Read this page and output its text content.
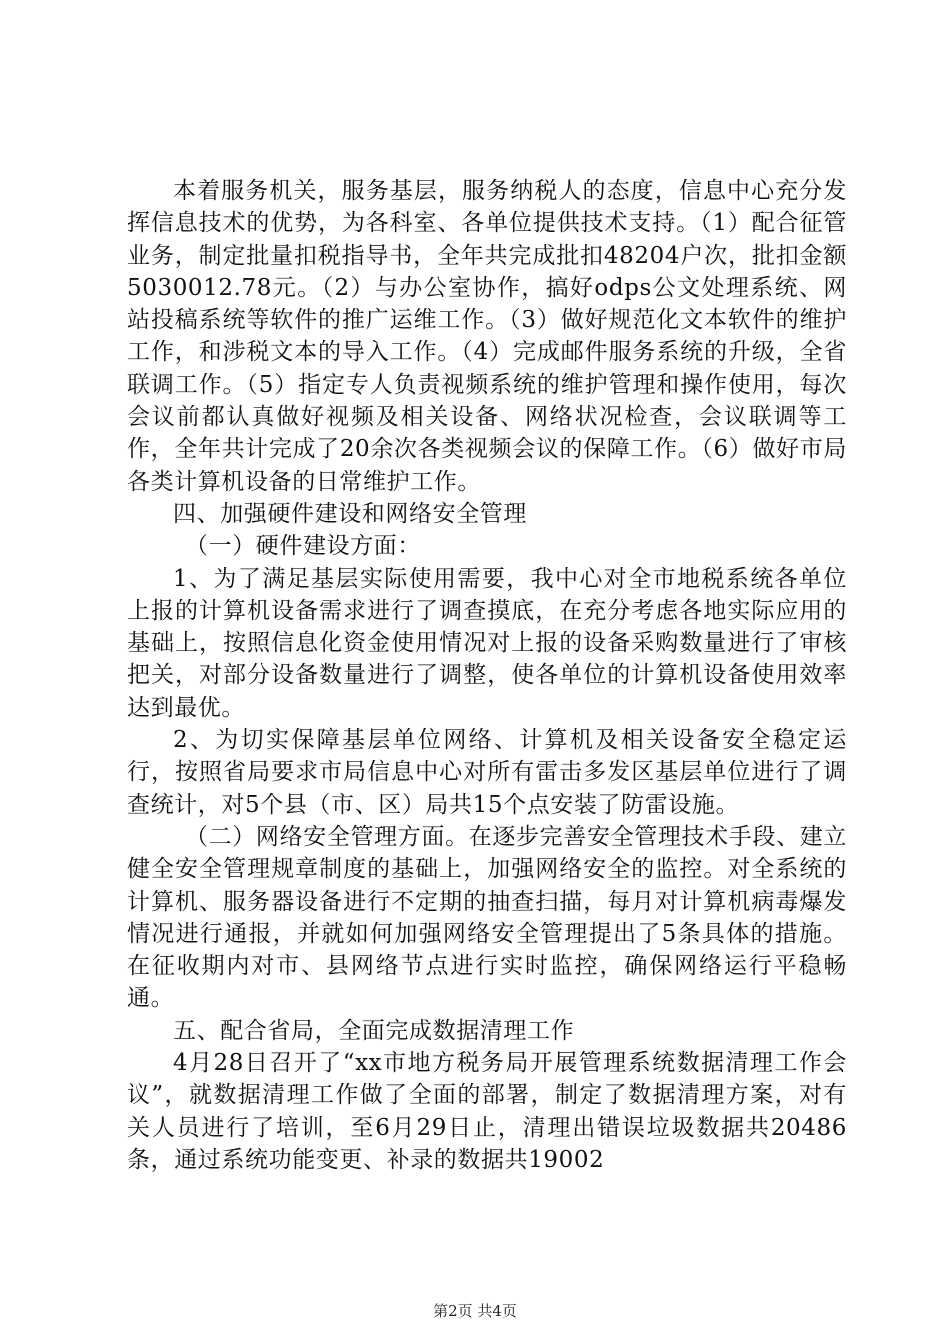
本着服务机关，服务基层，服务纳税人的态度，信息中心充分发挥信息技术的优势，为各科室、各单位提供技术支持。（1）配合征管业务，制定批量扣税指导书，全年共完成批扣48204户次，批扣金额5030012.78元。（2）与办公室协作，搞好odps公文处理系统、网站投稿系统等软件的推广运维工作。（3）做好规范化文本软件的维护工作，和涉税文本的导入工作。（4）完成邮件服务系统的升级，全省联调工作。（5）指定专人负责视频系统的维护管理和操作使用，每次会议前都认真做好视频及相关设备、网络状况检查，会议联调等工作，全年共计完成了20余次各类视频会议的保障工作。（6）做好市局各类计算机设备的日常维护工作。

四、加强硬件建设和网络安全管理

（一）硬件建设方面：

1、为了满足基层实际使用需要，我中心对全市地税系统各单位上报的计算机设备需求进行了调查摸底，在充分考虑各地实际应用的基础上，按照信息化资金使用情况对上报的设备采购数量进行了审核把关，对部分设备数量进行了调整，使各单位的计算机设备使用效率达到最优。

2、为切实保障基层单位网络、计算机及相关设备安全稳定运行，按照省局要求市局信息中心对所有雷击多发区基层单位进行了调查统计，对5个县（市、区）局共15个点安装了防雷设施。

（二）网络安全管理方面。在逐步完善安全管理技术手段、建立健全安全管理规章制度的基础上，加强网络安全的监控。对全系统的计算机、服务器设备进行不定期的抽查扫描，每月对计算机病毒爆发情况进行通报，并就如何加强网络安全管理提出了5条具体的措施。在征收期内对市、县网络节点进行实时监控，确保网络运行平稳畅通。

五、配合省局，全面完成数据清理工作

4月28日召开了“xx市地方税务局开展管理系统数据清理工作会议”，就数据清理工作做了全面的部署，制定了数据清理方案，对有关人员进行了培训，至6月29日止，清理出错误垃圾数据共20486条，通过系统功能变更、补录的数据共19002

第2页 共4页
